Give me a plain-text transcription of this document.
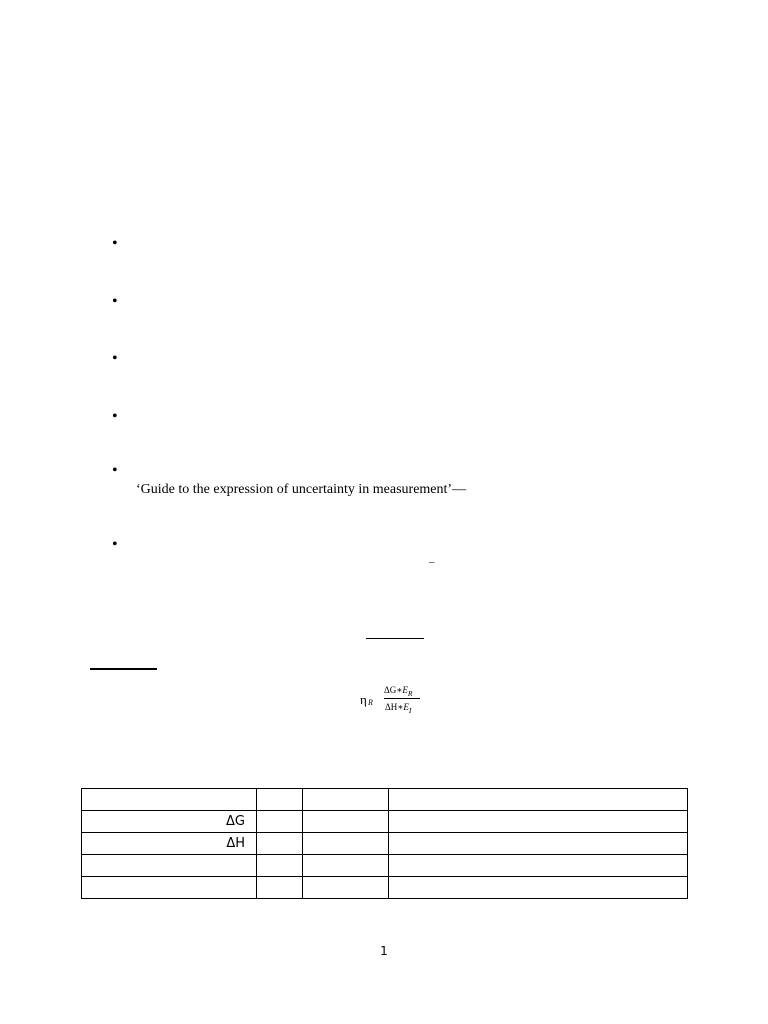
•
•
•
•
•
‘Guide to the expression of uncertainty in measurement’—
•
–
η R
$\Delta G∗E_R$
$\Delta H∗E_I$

ΔG			
ΔH			

1
